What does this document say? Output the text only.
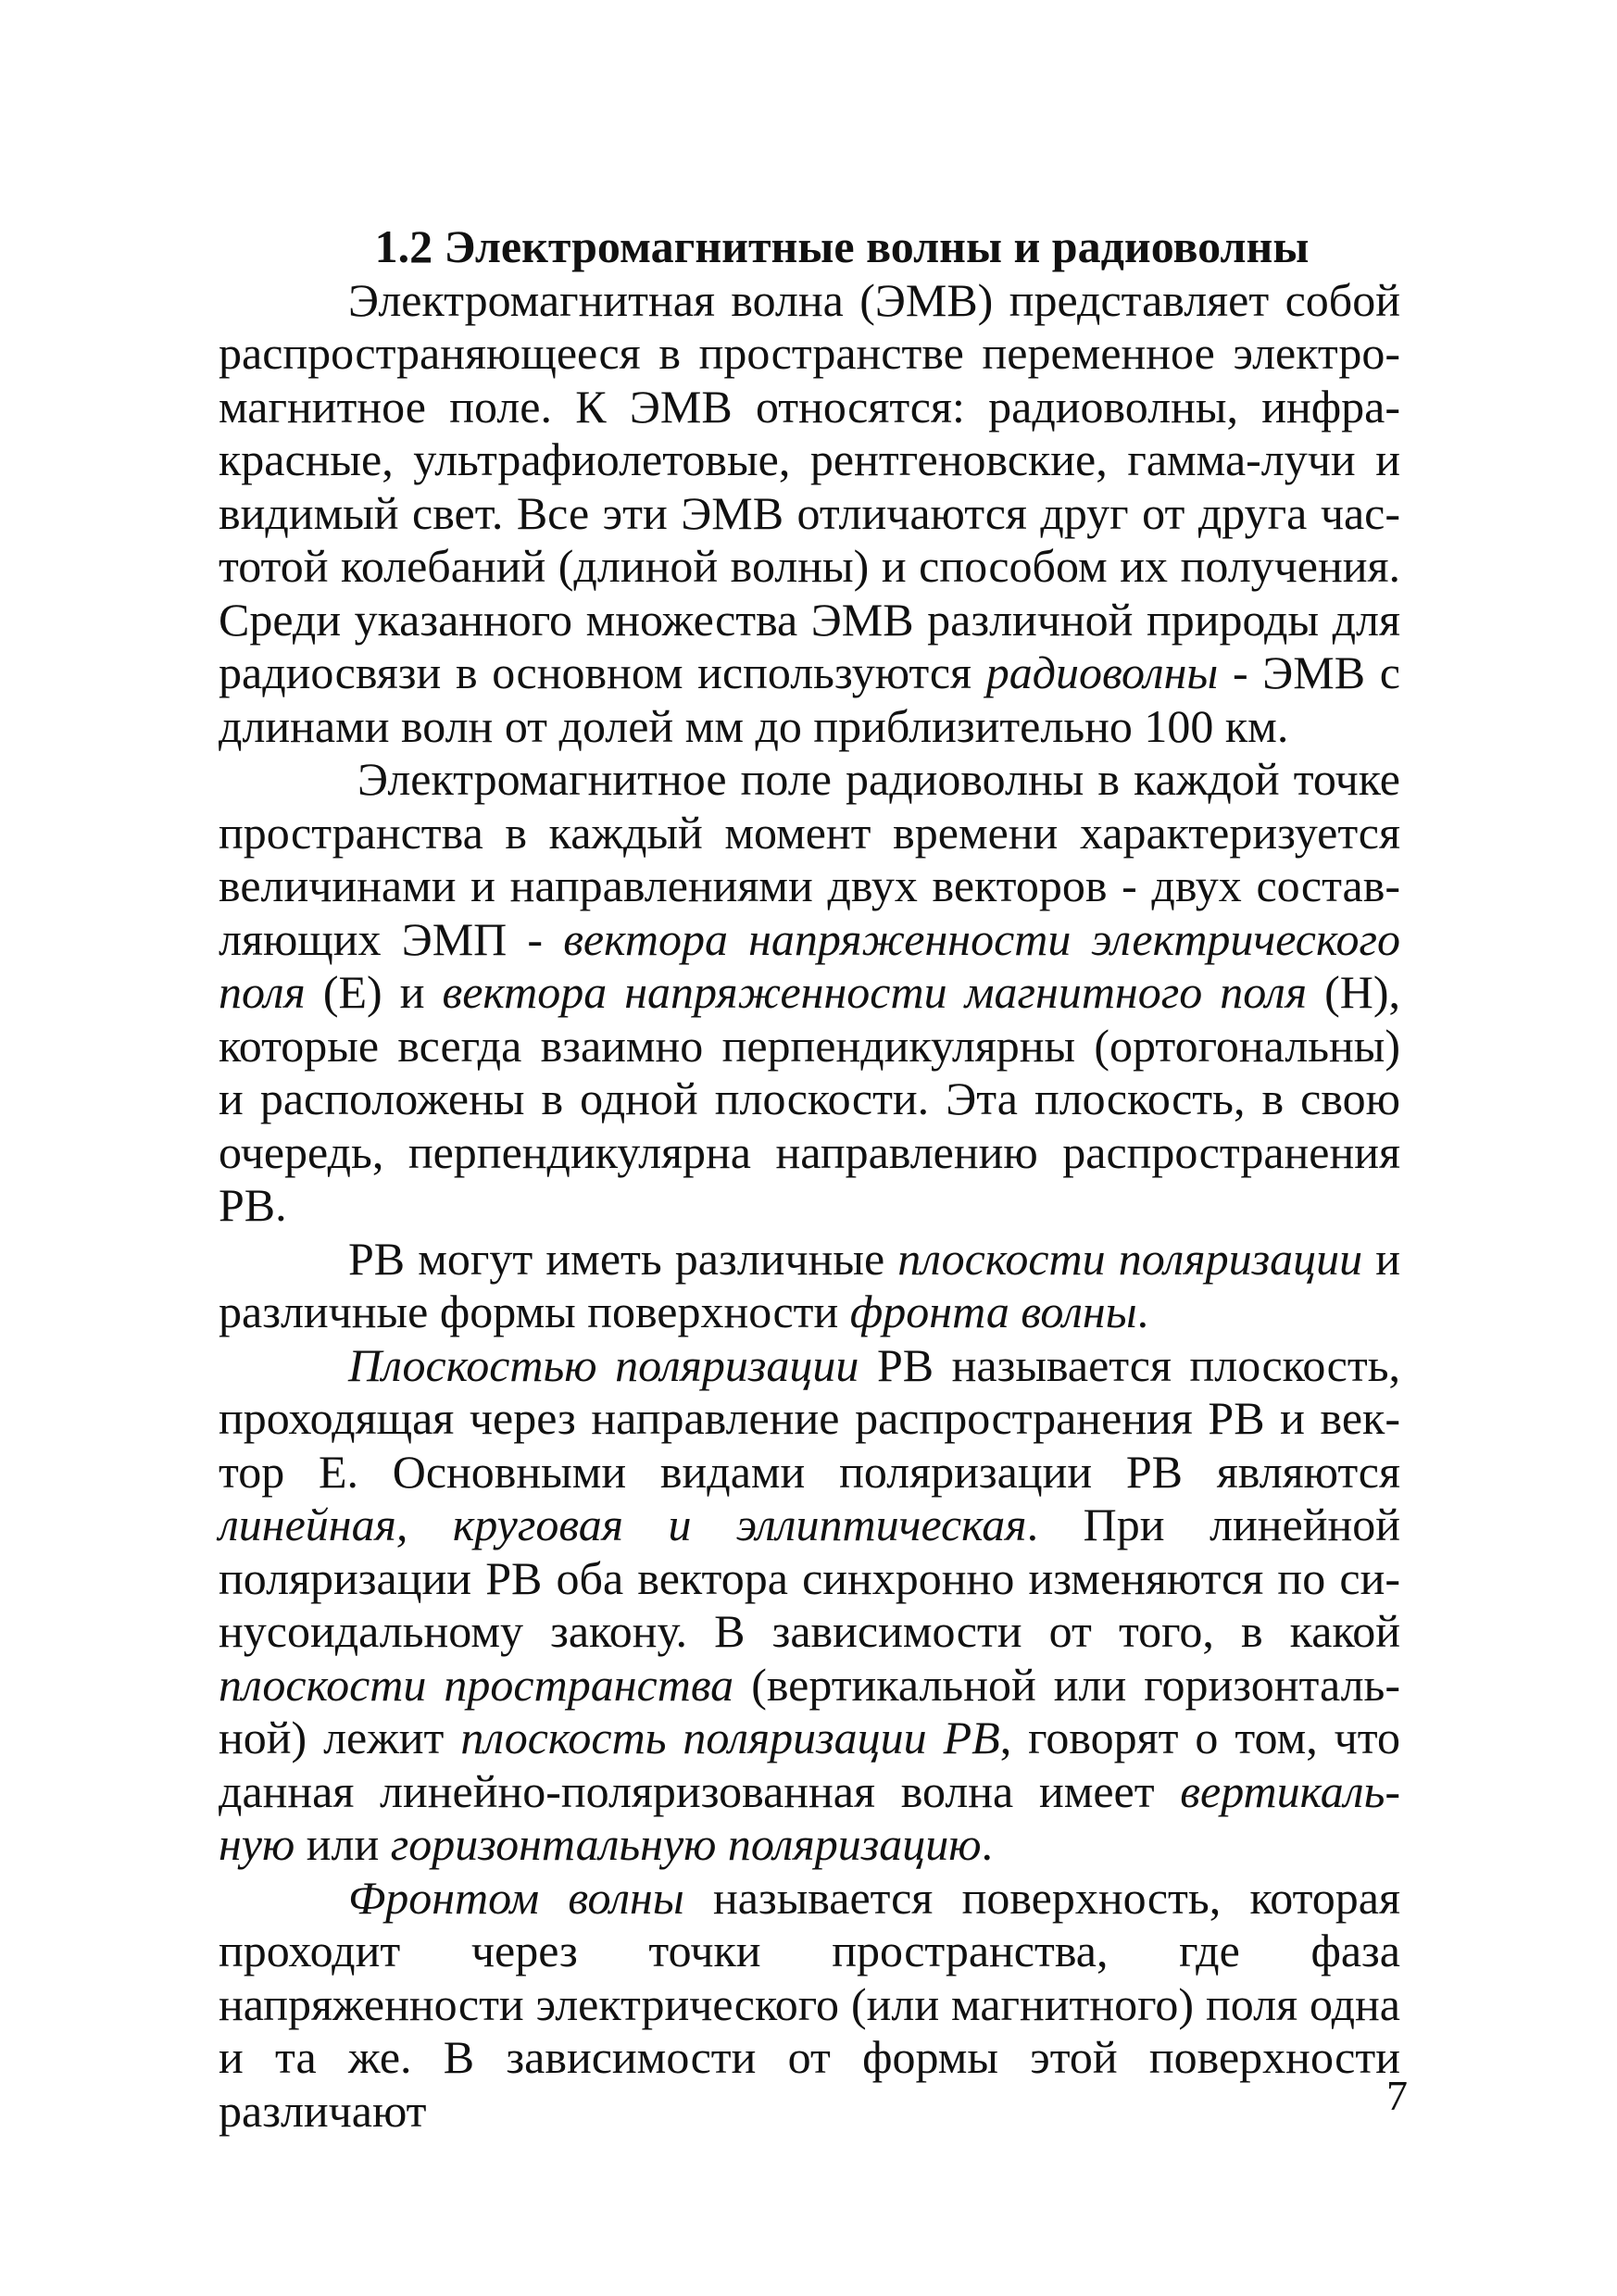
1.2 Электромагнитные волны и радиоволны

Электромагнитная волна (ЭМВ) представляет собой распространяющееся в пространстве переменное электромагнитное поле. К ЭМВ относятся: радиоволны, инфракрасные, ультрафиолетовые, рентгеновские, гамма-лучи и видимый свет. Все эти ЭМВ отличаются друг от друга частотой колебаний (длиной волны) и способом их получения. Среди указанного множества ЭМВ различной природы для радиосвязи в основном используются радиоволны - ЭМВ с длинами волн от долей мм до приблизительно 100 км.

Электромагнитное поле радиоволны в каждой точке пространства в каждый момент времени характеризуется величинами и направлениями двух векторов - двух составляющих ЭМП - вектора напряженности электрического поля (Е) и вектора напряженности магнитного поля (Н), которые всегда взаимно перпендикулярны (ортогональны) и расположены в одной плоскости. Эта плоскость, в свою очередь, перпендикулярна направлению распространения РВ.

РВ могут иметь различные плоскости поляризации и различные формы поверхности фронта волны.

Плоскостью поляризации РВ называется плоскость, проходящая через направление распространения РВ и вектор Е. Основными видами поляризации РВ являются линейная, круговая и эллиптическая. При линейной поляризации РВ оба вектора синхронно изменяются по синусоидальному закону. В зависимости от того, в какой плоскости пространства (вертикальной или горизонтальной) лежит плоскость поляризации РВ, говорят о том, что данная линейно-поляризованная волна имеет вертикальную или горизонтальную поляризацию.

Фронтом волны называется поверхность, которая проходит через точки пространства, где фаза напряженности электрического (или магнитного) поля одна и та же. В зависимости от формы этой поверхности различают	7
